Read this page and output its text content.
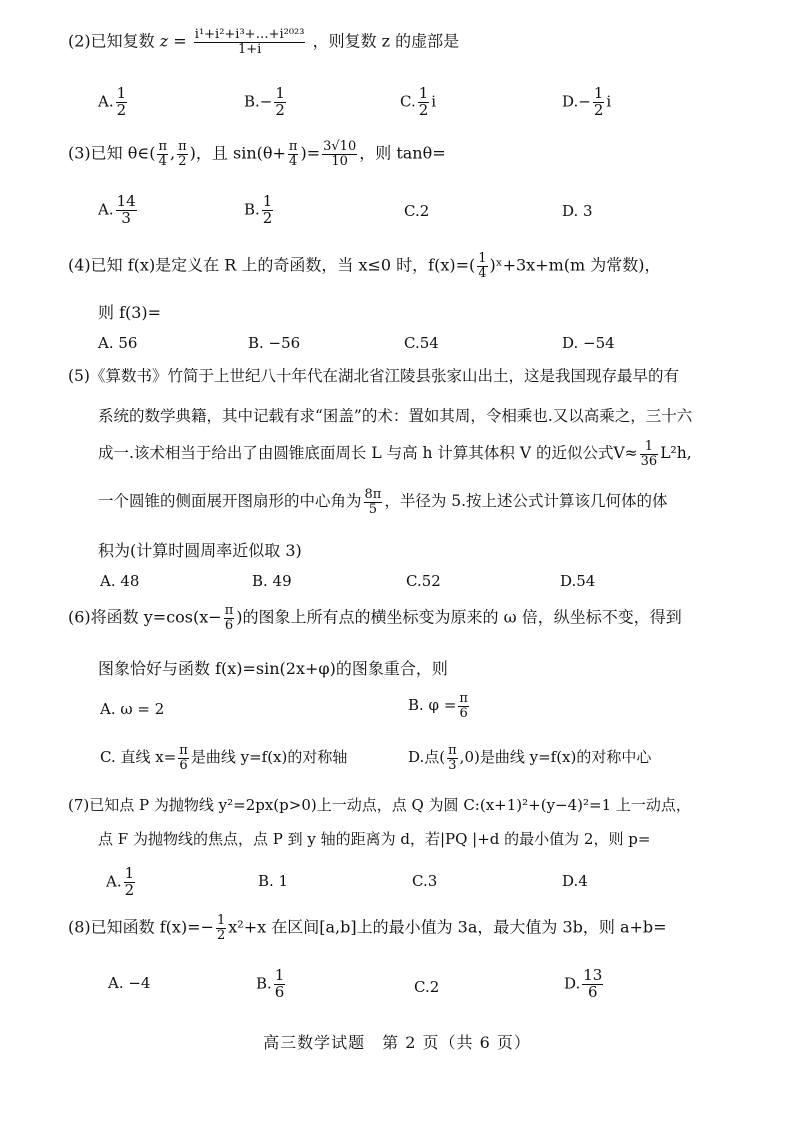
(2)已知复数 $z = \frac{\text{i¹+i²+i³+…+i²⁰²³}}{1+i}$ ，则复数 z 的虚部是
A. $\frac{1}{2}$	$B.- \frac{1}{2}$	C. $\frac{1}{2}$ i	$D.- \frac{1}{2}$ i
(3)已知 θ∈( $\frac{\pi}{4}$ , $\frac{\pi}{2}$ )，且 $\sin(\theta+ \frac{\pi}{4}$ )= $\frac{3√10}{10}$ ，则 tanθ=
A. $\frac{14}{3}$	B. $\frac{1}{2}$	C.2	D. 3
(4)已知 f(x)是定义在 R 上的奇函数，当 x≤0 时，$f(x)=( \frac{1}{4}$ )ˣ+3x+m(m 为常数)，
则 f(3)=
A. 56	B. −56	C.54	D. −54
(5)《算数书》竹简于上世纪八十年代在湖北省江陵县张家山出土，这是我国现存最早的有
系统的数学典籍，其中记载有求“囷盖”的术：置如其周，令相乘也.又以高乘之，三十六
成一.该术相当于给出了由圆锥底面周长 L 与高 h 计算其体积 V 的近似公式$V\approx \frac{1}{36} L^2h$,
一个圆锥的侧面展开图扇形的中心角为 $\frac{8\pi}{5}$ ，半径为 5.按上述公式计算该几何体的体
积为(计算时圆周率近似取 3)
A. 48	B. 49	C.52	D.54
(6)将函数 $y=\cos(x- \frac{\pi}{6}$ )的图象上所有点的横坐标变为原来的 ω 倍，纵坐标不变，得到
图象恰好与函数 f(x)=sin(2x+φ)的图象重合，则
A. ω = 2	B. $\varphi = \frac{\pi}{6}$
C. 直线 $x= \frac{\pi}{6}$ 是曲线 y=f(x)的对称轴	D.点( $\frac{\pi}{3} ,0$)是曲线 y=f(x)的对称中心
(7)已知点 P 为抛物线 y²=2px(p>0)上一动点，点 Q 为圆 C:(x+1)²+(y−4)²=1 上一动点，
点 F 为抛物线的焦点，点 P 到 y 轴的距离为 d，若|PQ |+d 的最小值为 2，则 p=
A. $\frac{1}{2}$	B. 1	C.3	D.4
(8)已知函数 $f(x)=- \frac{1}{2} x^2+x$ 在区间[a,b]上的最小值为 3a，最大值为 3b，则 a+b=
A. −4	B. $\frac{1}{6}$	C.2	D. $\frac{13}{6}$
高三数学试题　第 2 页（共 6 页）
